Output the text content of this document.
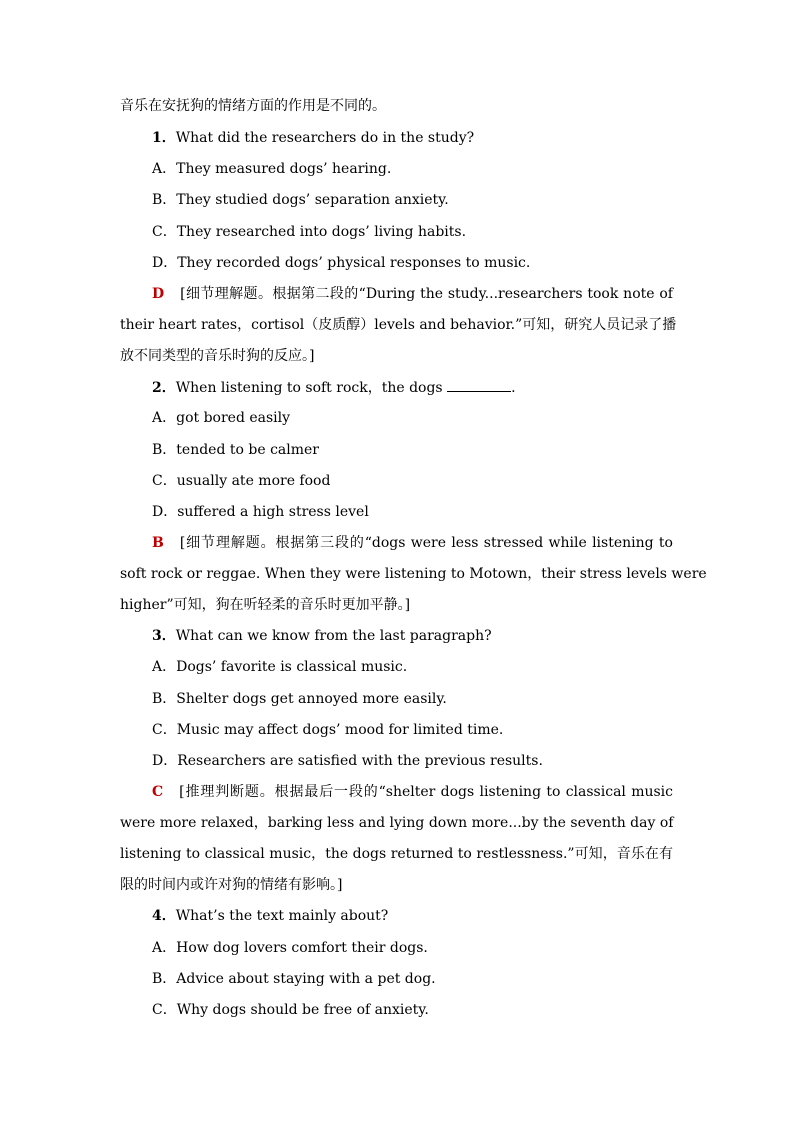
音乐在安抚狗的情绪方面的作用是不同的。
1．What did the researchers do in the study?
A．They measured dogs’ hearing.
B．They studied dogs’ separation anxiety.
C．They researched into dogs’ living habits.
D．They recorded dogs’ physical responses to music.
D [细节理解题。根据第二段的“During the study...researchers took note of
their heart rates，cortisol（皮质醇）levels and behavior.”可知，研究人员记录了播
放不同类型的音乐时狗的反应。]
2．When listening to soft rock，the dogs	.
A．got bored easily
B．tended to be calmer
C．usually ate more food
D．suffered a high stress level
B [细节理解题。根据第三段的“dogs were less stressed while listening to
soft rock or reggae. When they were listening to Motown，their stress levels were
higher”可知，狗在听轻柔的音乐时更加平静。]
3．What can we know from the last paragraph?
A．Dogs’ favorite is classical music.
B．Shelter dogs get annoyed more easily.
C．Music may affect dogs’ mood for limited time.
D．Researchers are satisfied with the previous results.
C [推理判断题。根据最后一段的“shelter dogs listening to classical music
were more relaxed，barking less and lying down more...by the seventh day of
listening to classical music，the dogs returned to restlessness.”可知，音乐在有
限的时间内或许对狗的情绪有影响。]
4．What’s the text mainly about?
A．How dog lovers comfort their dogs.
B．Advice about staying with a pet dog.
C．Why dogs should be free of anxiety.
